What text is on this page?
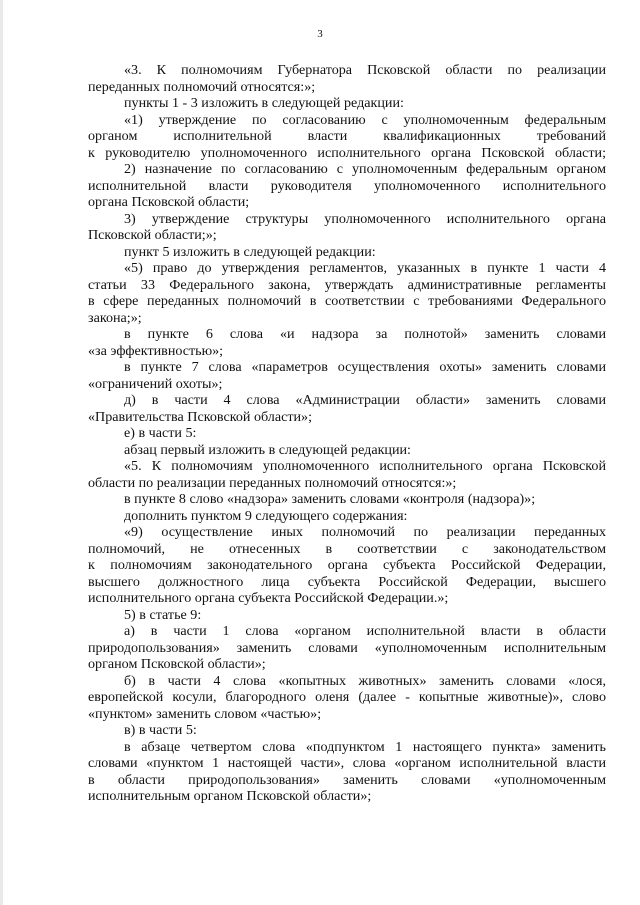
3
«3. К полномочиям Губернатора Псковской области по реализации
переданных полномочий относятся:»;
пункты 1 - 3 изложить в следующей редакции:
«1) утверждение по согласованию с уполномоченным федеральным
органом исполнительной власти квалификационных требований
к руководителю уполномоченного исполнительного органа Псковской области;
2) назначение по согласованию с уполномоченным федеральным органом
исполнительной власти руководителя уполномоченного исполнительного
органа Псковской области;
3) утверждение структуры уполномоченного исполнительного органа
Псковской области;»;
пункт 5 изложить в следующей редакции:
«5) право до утверждения регламентов, указанных в пункте 1 части 4
статьи 33 Федерального закона, утверждать административные регламенты
в сфере переданных полномочий в соответствии с требованиями Федерального
закона;»;
в пункте 6 слова «и надзора за полнотой» заменить словами
«за эффективностью»;
в пункте 7 слова «параметров осуществления охоты» заменить словами
«ограничений охоты»;
д) в части 4 слова «Администрации области» заменить словами
«Правительства Псковской области»;
е) в части 5:
абзац первый изложить в следующей редакции:
«5. К полномочиям уполномоченного исполнительного органа Псковской
области по реализации переданных полномочий относятся:»;
в пункте 8 слово «надзора» заменить словами «контроля (надзора)»;
дополнить пунктом 9 следующего содержания:
«9) осуществление иных полномочий по реализации переданных
полномочий, не отнесенных в соответствии с законодательством
к полномочиям законодательного органа субъекта Российской Федерации,
высшего должностного лица субъекта Российской Федерации, высшего
исполнительного органа субъекта Российской Федерации.»;
5) в статье 9:
а) в части 1 слова «органом исполнительной власти в области
природопользования» заменить словами «уполномоченным исполнительным
органом Псковской области»;
б) в части 4 слова «копытных животных» заменить словами «лося,
европейской косули, благородного оленя (далее - копытные животные)», слово
«пунктом» заменить словом «частью»;
в) в части 5:
в абзаце четвертом слова «подпунктом 1 настоящего пункта» заменить
словами «пунктом 1 настоящей части», слова «органом исполнительной власти
в области природопользования» заменить словами «уполномоченным
исполнительным органом Псковской области»;
